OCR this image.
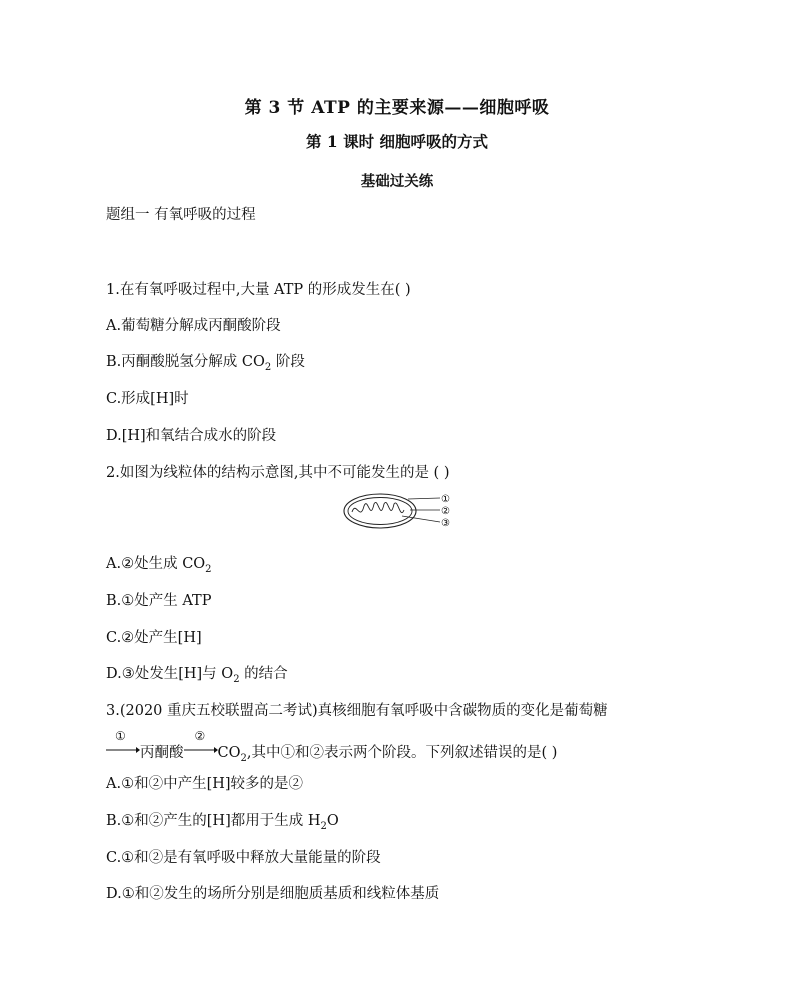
第 3 节 ATP 的主要来源——细胞呼吸
第 1 课时 细胞呼吸的方式
基础过关练
题组一 有氧呼吸的过程
1.在有氧呼吸过程中,大量 ATP 的形成发生在( )
A.葡萄糖分解成丙酮酸阶段
B.丙酮酸脱氢分解成 $CO_2$ 阶段
C.形成[H]时
D.[H]和氧结合成水的阶段
2.如图为线粒体的结构示意图,其中不可能发生的是 ( )
①
②
③
A.②处生成 $CO_2$
B.①处产生 ATP
C.②处产生[H]
D.③处发生[H]与 $O_2$ 的结合
3.(2020 重庆五校联盟高二考试)真核细胞有氧呼吸中含碳物质的变化是葡萄糖
①
丙酮酸
②
$CO_2$,其中①和②表示两个阶段。下列叙述错误的是( )
A.①和②中产生[H]较多的是②
B.①和②产生的[H]都用于生成 $H_2O$
C.①和②是有氧呼吸中释放大量能量的阶段
D.①和②发生的场所分别是细胞质基质和线粒体基质
